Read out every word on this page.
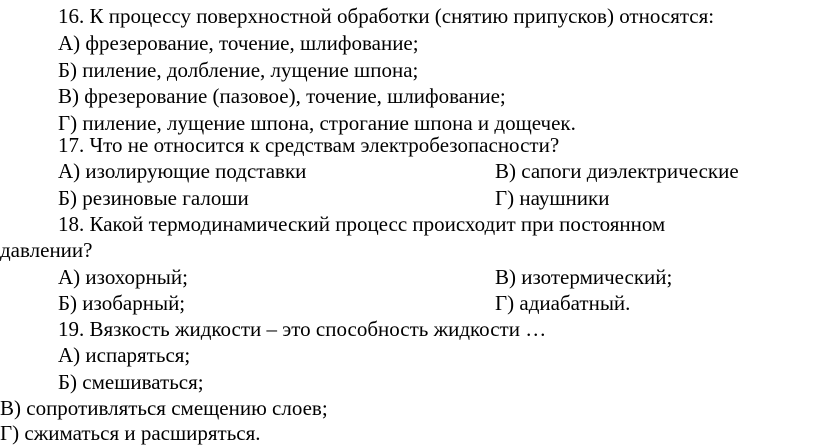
16. К процессу поверхностной обработки (снятию припусков) относятся:
А) фрезерование, точение, шлифование;
Б) пиление, долбление, лущение шпона;
В) фрезерование (пазовое), точение, шлифование;
Г) пиление, лущение шпона, строгание шпона и дощечек.
17. Что не относится к средствам электробезопасности?
А) изолирующие подставки	В) сапоги диэлектрические
Б) резиновые галоши	Г) наушники
18. Какой термодинамический процесс происходит при постоянном
давлении?
А) изохорный;	В) изотермический;
Б) изобарный;	Г) адиабатный.
19. Вязкость жидкости – это способность жидкости …
А) испаряться;
Б) смешиваться;
В) сопротивляться смещению слоев;
Г) сжиматься и расширяться.
